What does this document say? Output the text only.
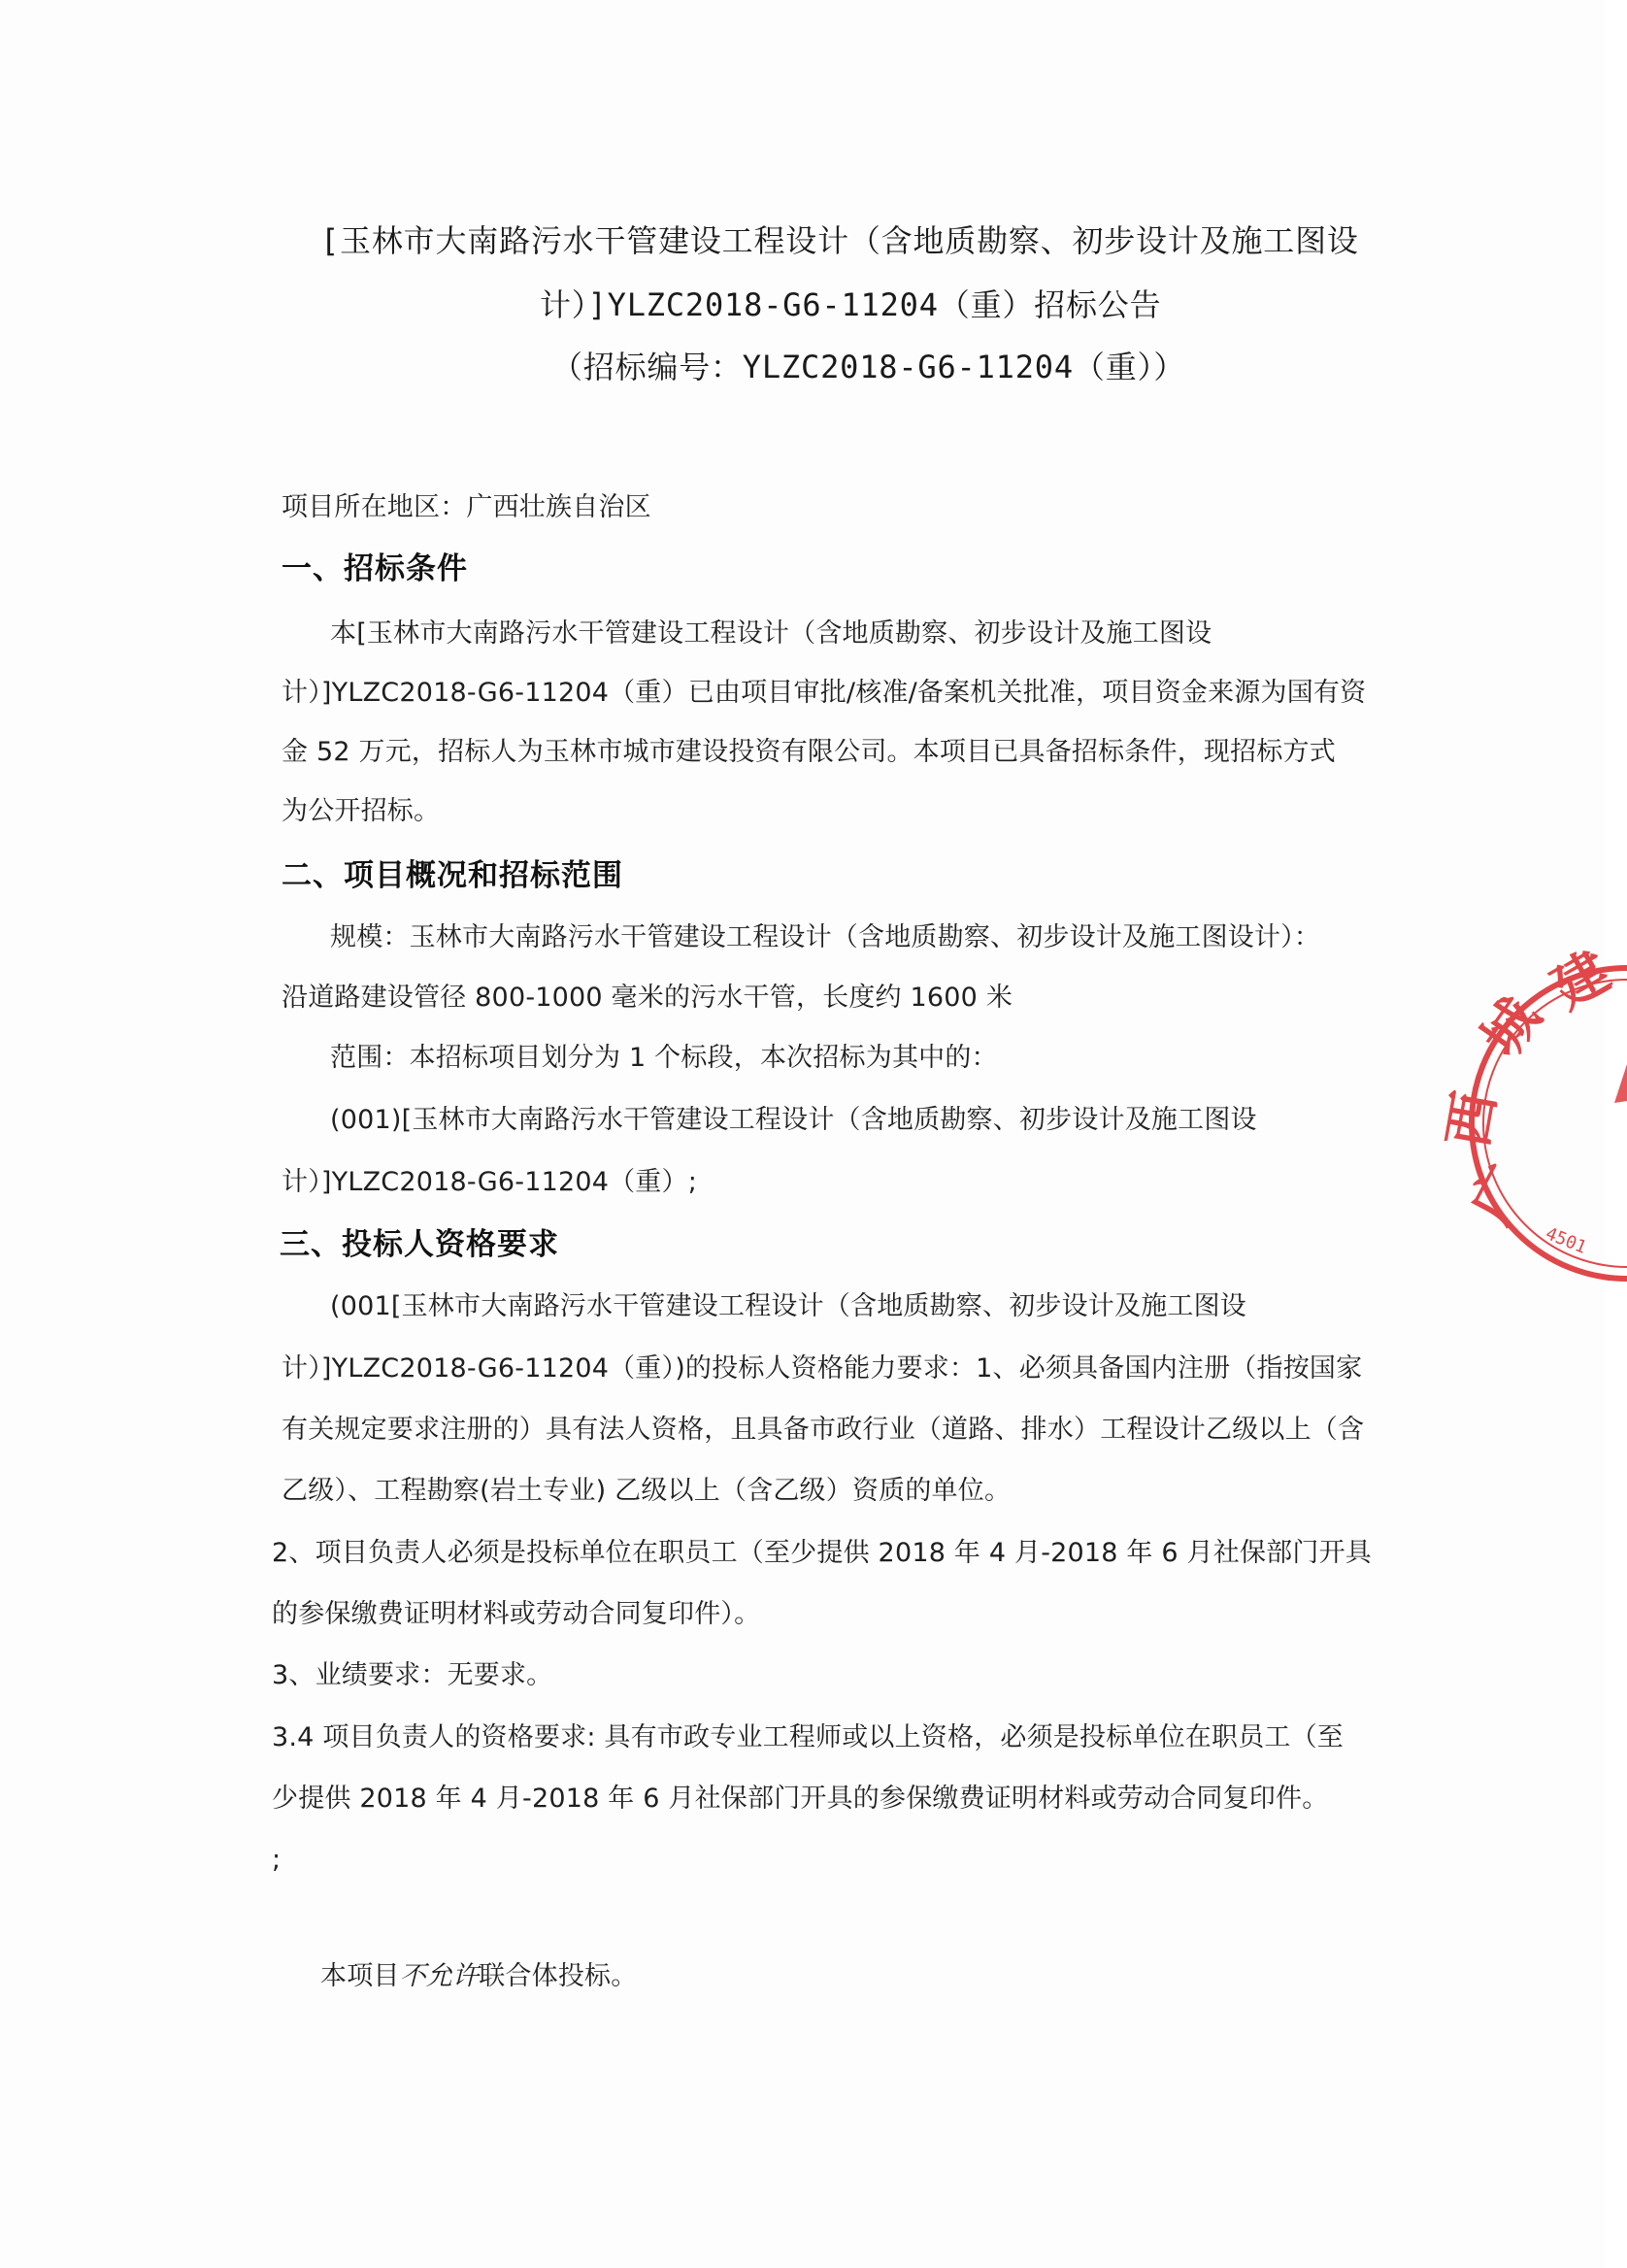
[玉林市大南路污水干管建设工程设计（含地质勘察、初步设计及施工图设

计）]YLZC2018-G6-11204（重）招标公告

（招标编号：YLZC2018-G6-11204（重））

项目所在地区：广西壮族自治区

一、招标条件

本[玉林市大南路污水干管建设工程设计（含地质勘察、初步设计及施工图设

计）]YLZC2018-G6-11204（重）已由项目审批/核准/备案机关批准，项目资金来源为国有资

金 52 万元，招标人为玉林市城市建设投资有限公司。本项目已具备招标条件，现招标方式

为公开招标。

二、项目概况和招标范围

规模：玉林市大南路污水干管建设工程设计（含地质勘察、初步设计及施工图设计）：

沿道路建设管径 800-1000 毫米的污水干管，长度约 1600 米

范围：本招标项目划分为 1 个标段，本次招标为其中的：

(001)[玉林市大南路污水干管建设工程设计（含地质勘察、初步设计及施工图设

计）]YLZC2018-G6-11204（重）;

三、投标人资格要求

(001[玉林市大南路污水干管建设工程设计（含地质勘察、初步设计及施工图设

计）]YLZC2018-G6-11204（重）)的投标人资格能力要求：1、必须具备国内注册（指按国家

有关规定要求注册的）具有法人资格，且具备市政行业（道路、排水）工程设计乙级以上（含

乙级）、工程勘察(岩土专业) 乙级以上（含乙级）资质的单位。

2、项目负责人必须是投标单位在职员工（至少提供 2018 年 4 月-2018 年 6 月社保部门开具

的参保缴费证明材料或劳动合同复印件）。

3、业绩要求：无要求。

3.4 项目负责人的资格要求: 具有市政专业工程师或以上资格，必须是投标单位在职员工（至

少提供 2018 年 4 月-2018 年 6 月社保部门开具的参保缴费证明材料或劳动合同复印件。

;

本项目不允许联合体投标。

广
西
城
建
4501
